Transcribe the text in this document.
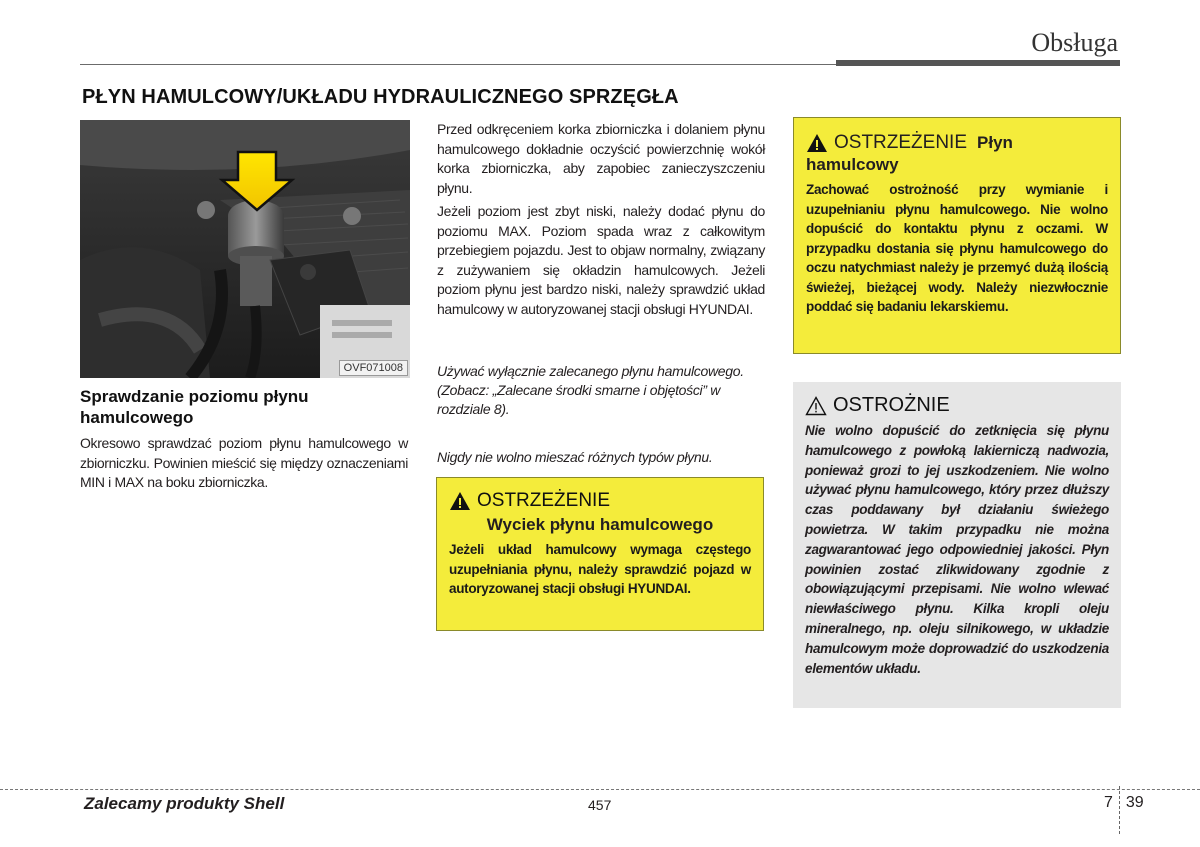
Obsługa
PŁYN HAMULCOWY/UKŁADU HYDRAULICZNEGO SPRZĘGŁA
OVF071008
Sprawdzanie poziomu płynu hamulcowego
Okresowo sprawdzać poziom płynu hamulcowego w zbiorniczku. Powinien mieścić się między oznaczeniami MIN i MAX na boku zbiorniczka.

Przed odkręceniem korka zbiorniczka i dolaniem płynu hamulcowego dokładnie oczyścić powierzchnię wokół korka zbiorniczka, aby zapobiec zanieczyszczeniu płynu.

Jeżeli poziom jest zbyt niski, należy dodać płynu do poziomu MAX. Poziom spada wraz z całkowitym przebiegiem pojazdu. Jest to objaw normalny, związany z zużywaniem się okładzin hamulcowych. Jeżeli poziom płynu jest bardzo niski, należy sprawdzić układ hamulcowy w autoryzowanej stacji obsługi HYUNDAI.

Używać wyłącznie zalecanego płynu hamulcowego. (Zobacz: „Zalecane środki smarne i objętości” w rozdziale 8).
Nigdy nie wolno mieszać różnych typów płynu.
OSTRZEŻENIE
Wyciek płynu hamulcowego
Jeżeli układ hamulcowy wymaga częstego uzupełniania płynu, należy sprawdzić pojazd w autoryzowanej stacji obsługi HYUNDAI.
OSTRZEŻENIE Płyn
hamulcowy
Zachować ostrożność przy wymianie i uzupełnianiu płynu hamulcowego. Nie wolno dopuścić do kontaktu płynu z oczami. W przypadku dostania się płynu hamulcowego do oczu natychmiast należy je przemyć dużą ilością świeżej, bieżącej wody. Należy niezwłocznie poddać się badaniu lekarskiemu.
OSTROŻNIE
Nie wolno dopuścić do zetknięcia się płynu hamulcowego z powłoką lakierniczą nadwozia, ponieważ grozi to jej uszkodzeniem. Nie wolno używać płynu hamulcowego, który przez dłuższy czas poddawany był działaniu świeżego powietrza. W takim przypadku nie można zagwarantować jego odpowiedniej jakości. Płyn powinien zostać zlikwidowany zgodnie z obowiązującymi przepisami. Nie wolno wlewać niewłaściwego płynu. Kilka kropli oleju mineralnego, np. oleju silnikowego, w układzie hamulcowym może doprowadzić do uszkodzenia elementów układu.
Zalecamy produkty Shell	457	7 39
